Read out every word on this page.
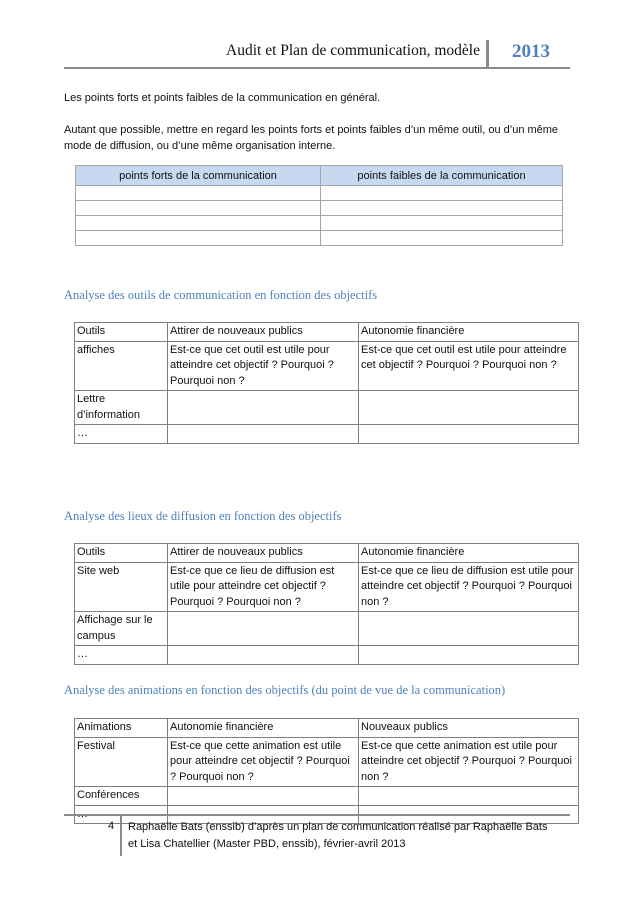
Audit et Plan de communication, modèle 2013
Les points forts et points faibles de la communication en général.
Autant que possible, mettre en regard les points forts et points faibles d’un même outil, ou d’un même mode de diffusion, ou d’une même organisation interne.
points forts de la communication	points faibles de la communication

Analyse des outils de communication en fonction des objectifs
Outils	Attirer de nouveaux publics	Autonomie financière
affiches	Est-ce que cet outil est utile pour atteindre cet objectif ? Pourquoi ? Pourquoi non ?	Est-ce que cet outil est utile pour atteindre cet objectif ? Pourquoi ? Pourquoi non ?
Lettre d’information		
…		
Analyse des lieux de diffusion en fonction des objectifs
Outils	Attirer de nouveaux publics	Autonomie financière
Site web	Est-ce que ce lieu de diffusion est utile pour atteindre cet objectif ? Pourquoi ? Pourquoi non ?	Est-ce que ce lieu de diffusion est utile pour atteindre cet objectif ? Pourquoi ? Pourquoi non ?
Affichage sur le campus		
…		
Analyse des animations en fonction des objectifs (du point de vue de la communication)
Animations	Autonomie financière	Nouveaux publics
Festival	Est-ce que cette animation est utile pour atteindre cet objectif ? Pourquoi ? Pourquoi non ?	Est-ce que cette animation est utile pour atteindre cet objectif ? Pourquoi ? Pourquoi non ?
Conférences		

4 Raphaëlle Bats (enssib) d’après un plan de communication réalisé par Raphaëlle Bats et Lisa Chatellier (Master PBD, enssib), février-avril 2013
